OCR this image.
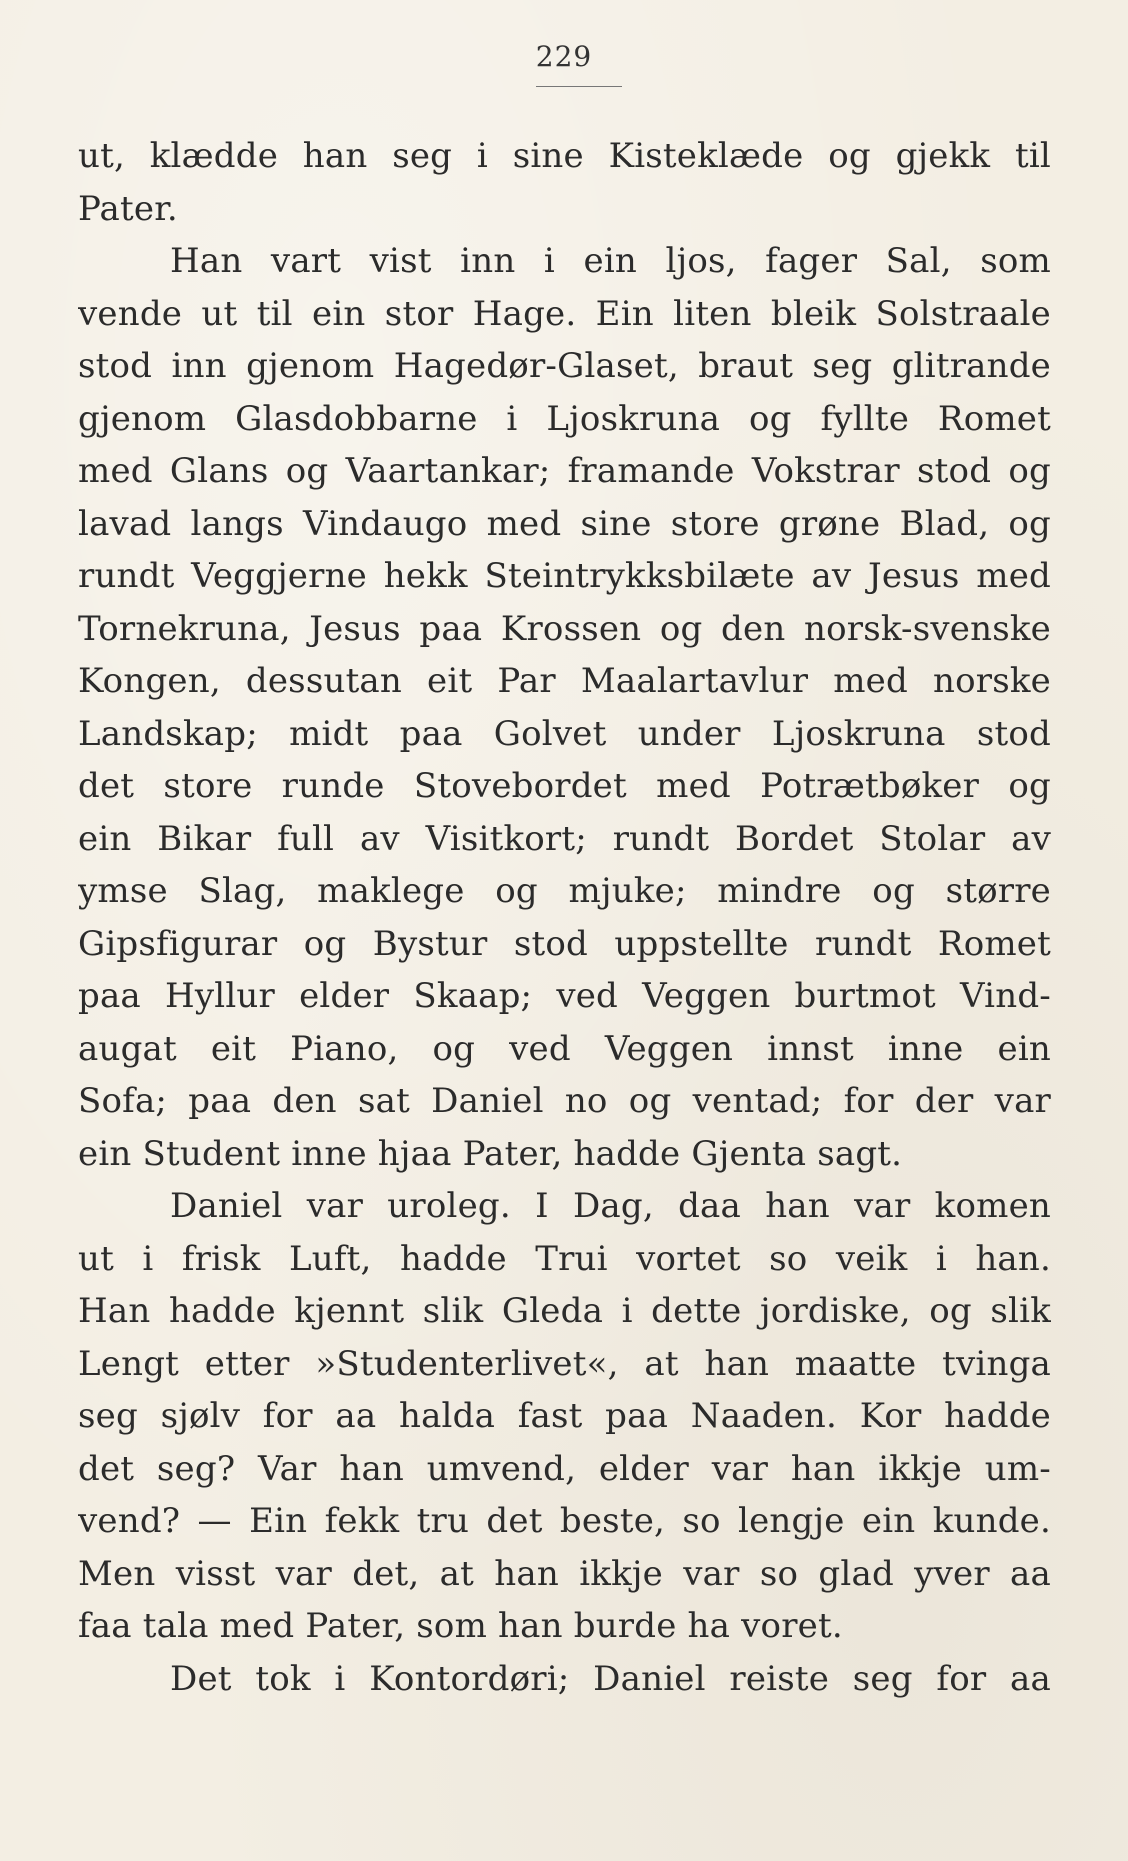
229
ut, klædde han seg i sine Kisteklæde og gjekk til
Pater.
Han vart vist inn i ein ljos, fager Sal, som
vende ut til ein stor Hage. Ein liten bleik Solstraale
stod inn gjenom Hagedør-Glaset, braut seg glitrande
gjenom Glasdobbarne i Ljoskruna og fyllte Romet
med Glans og Vaartankar; framande Vokstrar stod og
lavad langs Vindaugo med sine store grøne Blad, og
rundt Veggjerne hekk Steintrykksbilæte av Jesus med
Tornekruna, Jesus paa Krossen og den norsk-svenske
Kongen, dessutan eit Par Maalartavlur med norske
Landskap; midt paa Golvet under Ljoskruna stod
det store runde Stovebordet med Potrætbøker og
ein Bikar full av Visitkort; rundt Bordet Stolar av
ymse Slag, maklege og mjuke; mindre og større
Gipsfigurar og Bystur stod uppstellte rundt Romet
paa Hyllur elder Skaap; ved Veggen burtmot Vind-
augat eit Piano, og ved Veggen innst inne ein
Sofa; paa den sat Daniel no og ventad; for der var
ein Student inne hjaa Pater, hadde Gjenta sagt.
Daniel var uroleg. I Dag, daa han var komen
ut i frisk Luft, hadde Trui vortet so veik i han.
Han hadde kjennt slik Gleda i dette jordiske, og slik
Lengt etter »Studenterlivet«, at han maatte tvinga
seg sjølv for aa halda fast paa Naaden. Kor hadde
det seg? Var han umvend, elder var han ikkje um-
vend? — Ein fekk tru det beste, so lengje ein kunde.
Men visst var det, at han ikkje var so glad yver aa
faa tala med Pater, som han burde ha voret.
Det tok i Kontordøri; Daniel reiste seg for aa
